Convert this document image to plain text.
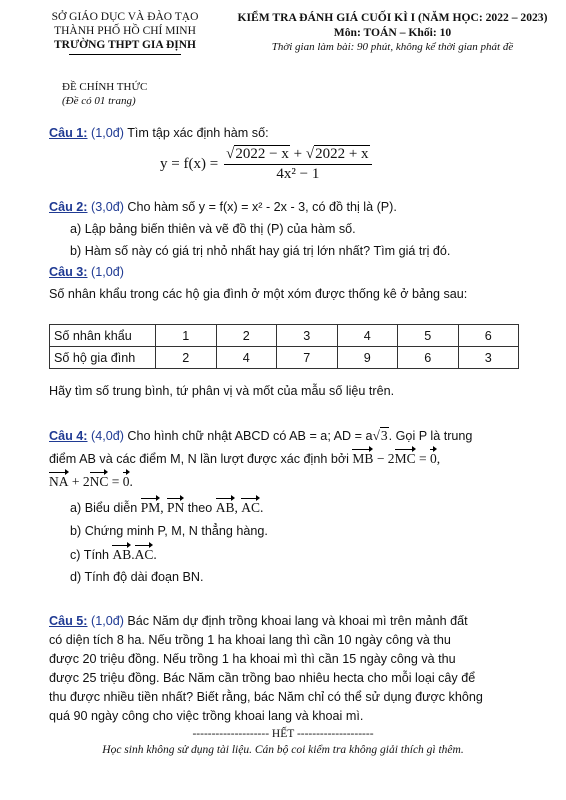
SỞ GIÁO DỤC VÀ ĐÀO TẠO
THÀNH PHỐ HỒ CHÍ MINH
TRƯỜNG THPT GIA ĐỊNH
KIỂM TRA ĐÁNH GIÁ CUỐI KÌ I (NĂM HỌC: 2022 – 2023)
Môn: TOÁN – Khối: 10
Thời gian làm bài: 90 phút, không kể thời gian phát đề
ĐỀ CHÍNH THỨC
(Đề có 01 trang)
Câu 1: (1,0đ) Tìm tập xác định hàm số:
$y = f(x) = \frac{√2022 - x + √2022 + x}{\text{4x² − 1}}$
Câu 2: (3,0đ) Cho hàm số y = f(x) = x² - 2x - 3, có đồ thị là (P).
a) Lập bảng biến thiên và vẽ đồ thị (P) của hàm số.
b) Hàm số này có giá trị nhỏ nhất hay giá trị lớn nhất? Tìm giá trị đó.
Câu 3: (1,0đ)
Số nhân khẩu trong các hộ gia đình ở một xóm được thống kê ở bảng sau:
Số nhân khẩu	1	2	3	4	5	6
Số hộ gia đình	2	4	7	9	6	3
Hãy tìm số trung bình, tứ phân vị và mốt của mẫu số liệu trên.
Câu 4: (4,0đ) Cho hình chữ nhật ABCD có AB = a; AD = a√3. Gọi P là trung
điểm AB và các điểm M, N lần lượt được xác định bởi MB − 2MC = 0,
NA + 2NC = 0.
a) Biểu diễn PM, PN theo AB, AC.
b) Chứng minh P, M, N thẳng hàng.
c) Tính AB.AC.
d) Tính độ dài đoạn BN.
Câu 5: (1,0đ) Bác Năm dự định trồng khoai lang và khoai mì trên mảnh đất
có diện tích 8 ha. Nếu trồng 1 ha khoai lang thì cần 10 ngày công và thu
được 20 triệu đồng. Nếu trồng 1 ha khoai mì thì cần 15 ngày công và thu
được 25 triệu đồng. Bác Năm cần trồng bao nhiêu hecta cho mỗi loại cây để
thu được nhiều tiền nhất? Biết rằng, bác Năm chỉ có thể sử dụng được không
quá 90 ngày công cho việc trồng khoai lang và khoai mì.
-------------------- HẾT --------------------
Học sinh không sử dụng tài liệu. Cán bộ coi kiểm tra không giải thích gì thêm.
